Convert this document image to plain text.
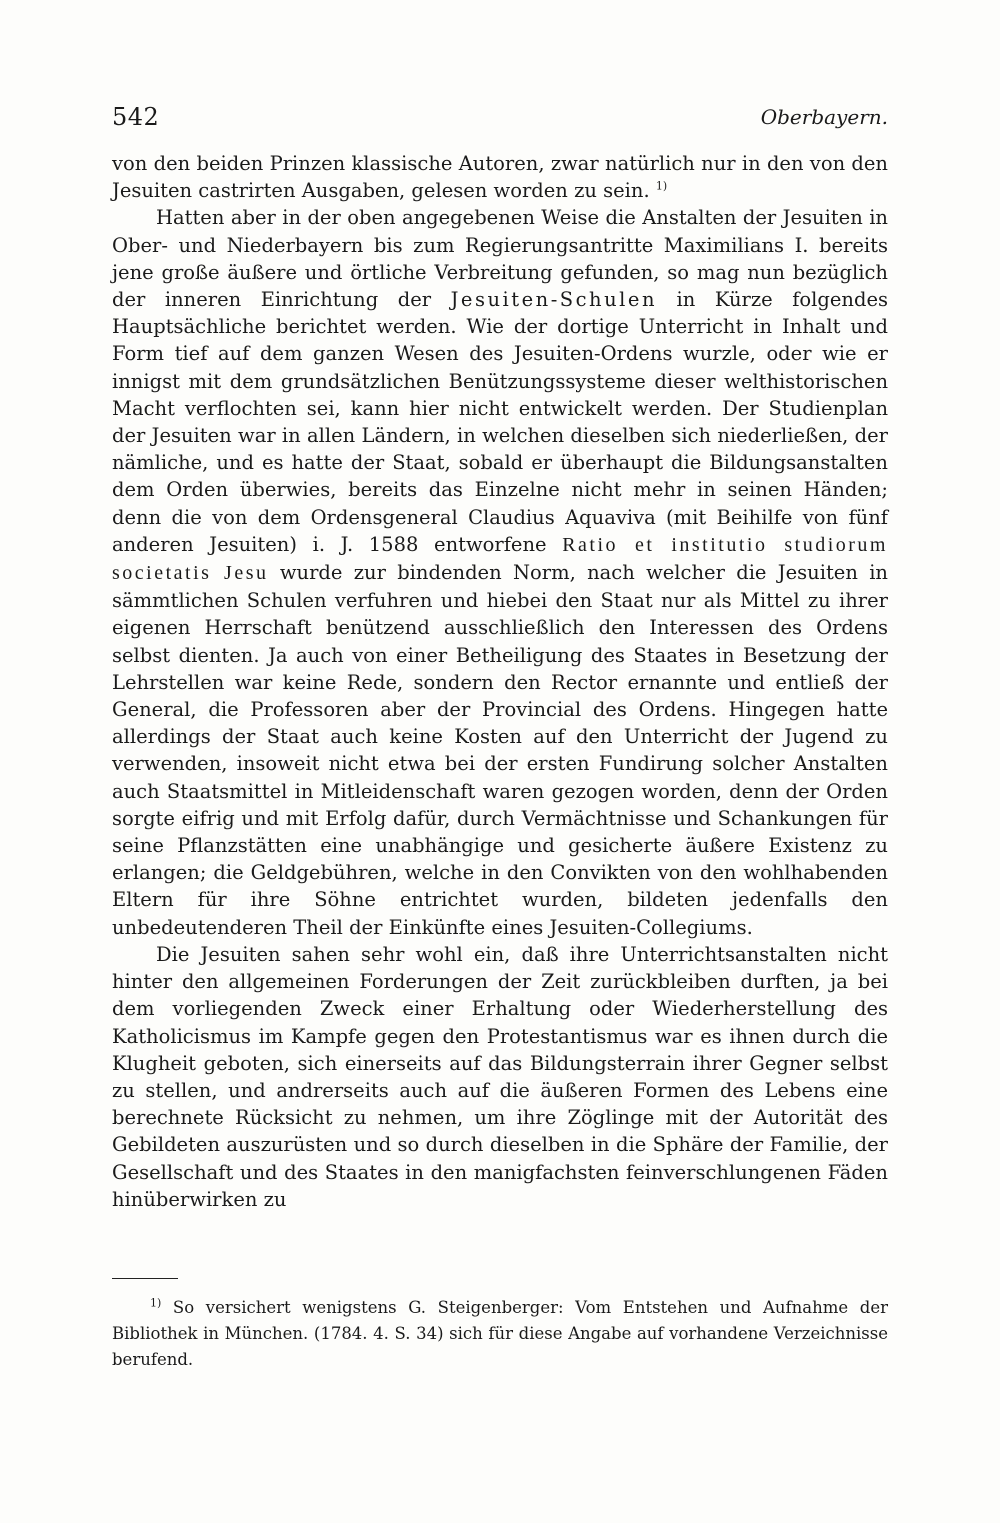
542	Oberbayern.

von den beiden Prinzen klassische Autoren, zwar natürlich nur in den von den Jesuiten castrirten Ausgaben, gelesen worden zu sein. $^{1)}$

Hatten aber in der oben angegebenen Weise die Anstalten der Jesuiten in Ober- und Niederbayern bis zum Regierungsantritte Maximilians I. bereits jene große äußere und örtliche Verbreitung gefunden, so mag nun bezüglich der inneren Einrichtung der Jesuiten-Schulen in Kürze folgendes Hauptsächliche berichtet werden. Wie der dortige Unterricht in Inhalt und Form tief auf dem ganzen Wesen des Jesuiten-Ordens wurzle, oder wie er innigst mit dem grundsätzlichen Benützungssysteme dieser welthistorischen Macht verflochten sei, kann hier nicht entwickelt werden. Der Studienplan der Jesuiten war in allen Ländern, in welchen dieselben sich niederließen, der nämliche, und es hatte der Staat, sobald er überhaupt die Bildungsanstalten dem Orden überwies, bereits das Einzelne nicht mehr in seinen Händen; denn die von dem Ordensgeneral Claudius Aquaviva (mit Beihilfe von fünf anderen Jesuiten) i. J. 1588 entworfene Ratio et institutio studiorum societatis Jesu wurde zur bindenden Norm, nach welcher die Jesuiten in sämmtlichen Schulen verfuhren und hiebei den Staat nur als Mittel zu ihrer eigenen Herrschaft benützend ausschließlich den Interessen des Ordens selbst dienten. Ja auch von einer Betheiligung des Staates in Besetzung der Lehrstellen war keine Rede, sondern den Rector ernannte und entließ der General, die Professoren aber der Provincial des Ordens. Hingegen hatte allerdings der Staat auch keine Kosten auf den Unterricht der Jugend zu verwenden, insoweit nicht etwa bei der ersten Fundirung solcher Anstalten auch Staatsmittel in Mitleidenschaft waren gezogen worden, denn der Orden sorgte eifrig und mit Erfolg dafür, durch Vermächtnisse und Schankungen für seine Pflanzstätten eine unabhängige und gesicherte äußere Existenz zu erlangen; die Geldgebühren, welche in den Convikten von den wohlhabenden Eltern für ihre Söhne entrichtet wurden, bildeten jedenfalls den unbedeutenderen Theil der Einkünfte eines Jesuiten-Collegiums.

Die Jesuiten sahen sehr wohl ein, daß ihre Unterrichtsanstalten nicht hinter den allgemeinen Forderungen der Zeit zurückbleiben durften, ja bei dem vorliegenden Zweck einer Erhaltung oder Wiederherstellung des Katholicismus im Kampfe gegen den Protestantismus war es ihnen durch die Klugheit geboten, sich einerseits auf das Bildungsterrain ihrer Gegner selbst zu stellen, und andrerseits auch auf die äußeren Formen des Lebens eine berechnete Rücksicht zu nehmen, um ihre Zöglinge mit der Autorität des Gebildeten auszurüsten und so durch dieselben in die Sphäre der Familie, der Gesellschaft und des Staates in den manigfachsten feinverschlungenen Fäden hinüberwirken zu

$^{1)}$ So versichert wenigstens G. Steigenberger: Vom Entstehen und Aufnahme der Bibliothek in München. (1784. 4. S. 34) sich für diese Angabe auf vorhandene Verzeichnisse berufend.
